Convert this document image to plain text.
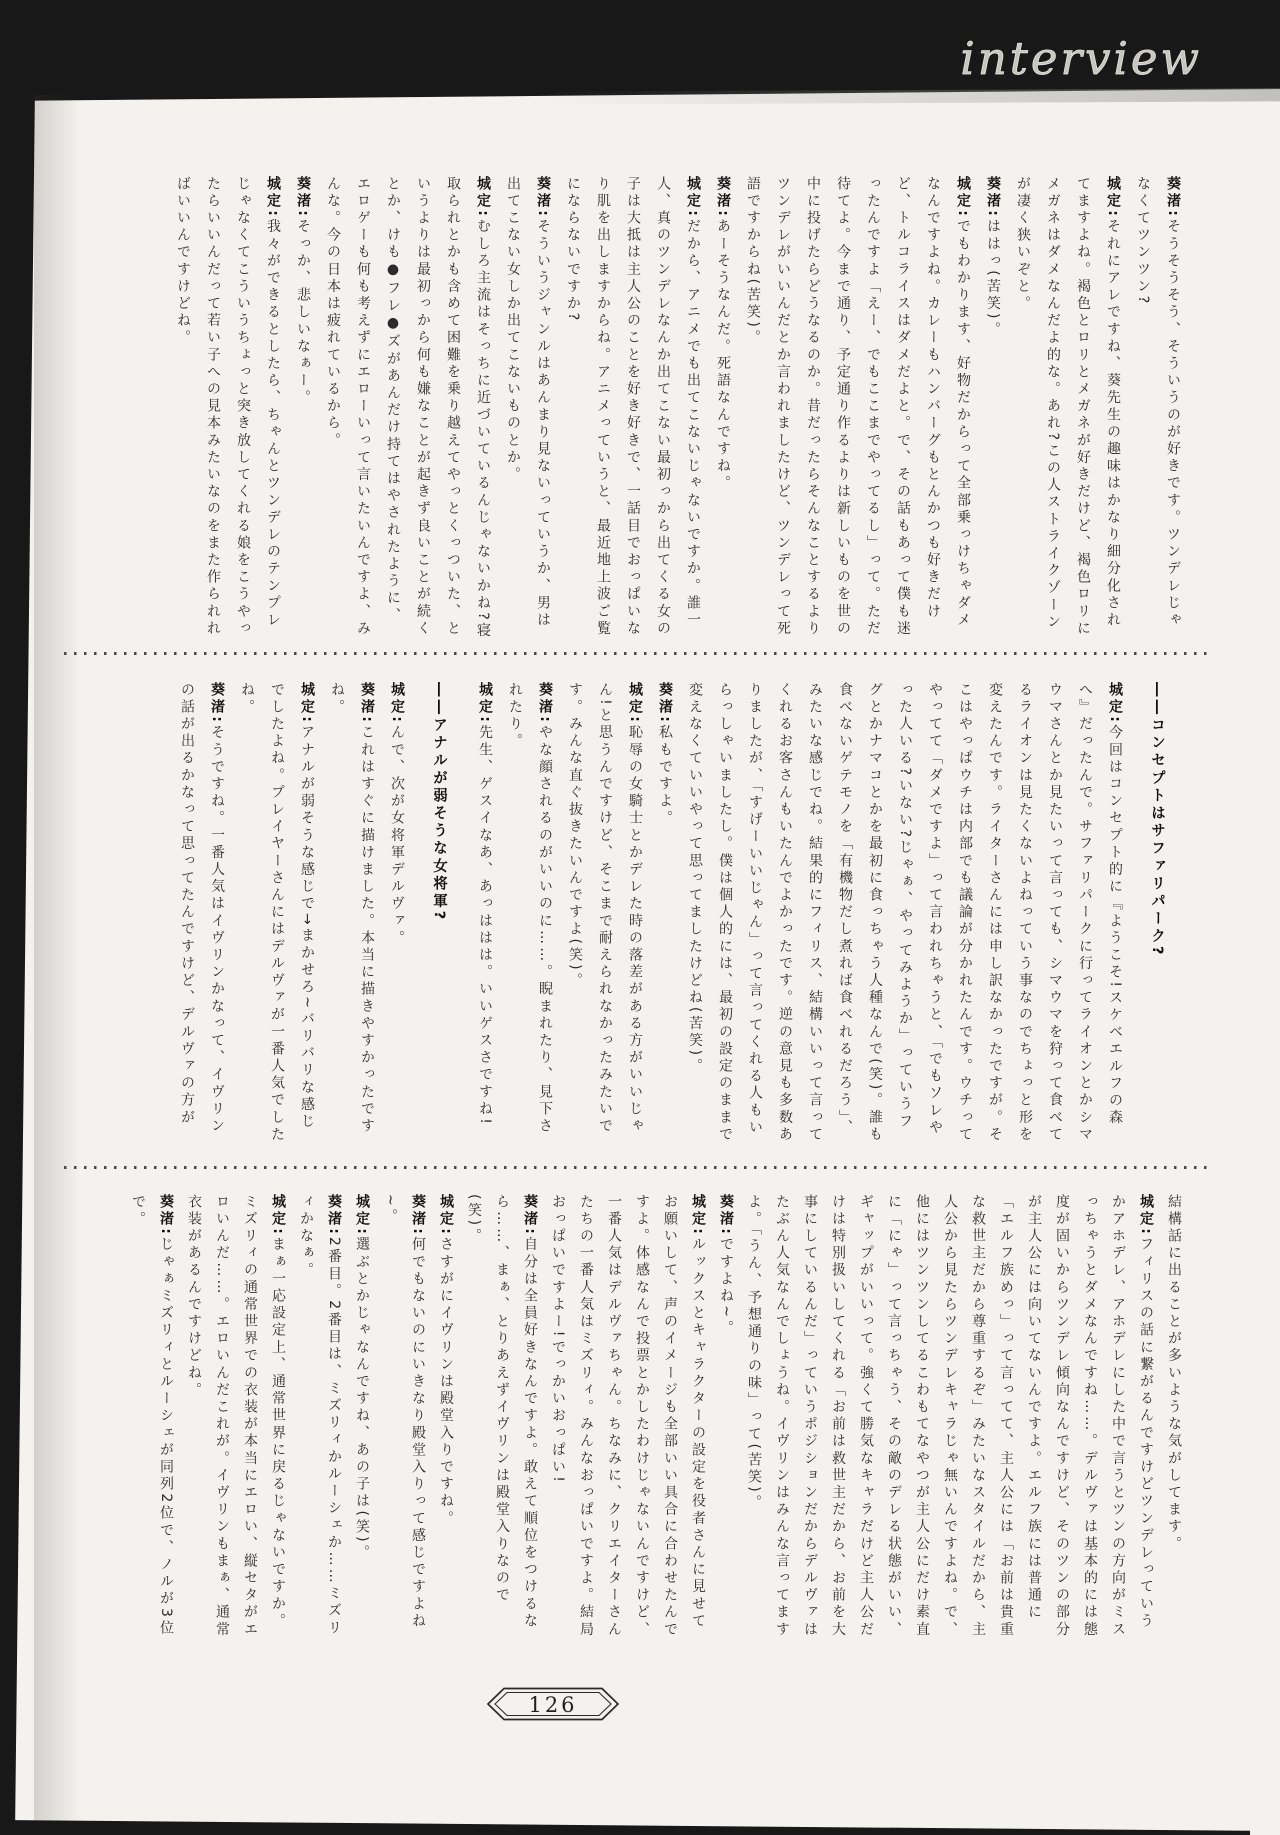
interview

葵渚:そうそうそう、そういうのが好きです。ツンデレじゃなくてツンツン?

城定:それにアレですね、葵先生の趣味はかなり細分化されてますよね。褐色とロリとメガネが好きだけど、褐色ロリにメガネはダメなんだよ的な。あれ?この人ストライクゾーンが凄く狭いぞと。

葵渚:ははっ(苦笑)。

城定:でもわかります、好物だからって全部乗っけちゃダメなんですよね。カレーもハンバーグもとんかつも好きだけど、トルコライスはダメだよと。で、その話もあって僕も迷ったんですよ「えー、でもここまでやってるし」って。ただ待てよ。今まで通り、予定通り作るよりは新しいものを世の中に投げたらどうなるのか。昔だったらそんなことするよりツンデレがいいんだとか言われましたけど、ツンデレって死語ですからね(苦笑)。

葵渚:あーそうなんだ。死語なんですね。

城定:だから、アニメでも出てこないじゃないですか。誰一人、真のツンデレなんか出てこない最初っから出てくる女の子は大抵は主人公のことを好き好きで、一話目でおっぱいなり肌を出しますからね。アニメっていうと、最近地上波ご覧にならないですか?

葵渚:そういうジャンルはあんまり見ないっていうか、男は出てこない女しか出てこないものとか。

城定:むしろ主流はそっちに近づいているんじゃないかね?寝取られとかも含めて困難を乗り越えてやっとくっついた、というよりは最初っから何も嫌なことが起きず良いことが続くとか、けも●フレ●ズがあんだけ持てはやされたように、エロゲーも何も考えずにエローいって言いたいんですよ、みんな。今の日本は疲れているから。

葵渚:そっか、悲しいなぁー。

城定:我々ができるとしたら、ちゃんとツンデレのテンプレじゃなくてこういうちょっと突き放してくれる娘をこうやったらいいんだって若い子への見本みたいなのをまた作られればいいんですけどね。

――コンセプトはサファリパーク?

城定:今回はコンセプト的に『ようこそ!スケベエルフの森へ』だったんで。サファリパークに行ってライオンとかシマウマさんとか見たいって言っても、シマウマを狩って食べてるライオンは見たくないよねっていう事なのでちょっと形を変えたんです。ライターさんには申し訳なかったですが。そこはやっぱウチは内部でも議論が分かれたんです。ウチってやってて「ダメですよ」って言われちゃうと、「でもソレやった人いる?いない?じゃぁ、やってみようか」っていうフグとかナマコとかを最初に食っちゃう人種なんで(笑)。誰も食べないゲテモノを「有機物だし煮れば食べれるだろう」、みたいな感じでね。結果的にフィリス、結構いいって言ってくれるお客さんもいたんでよかったです。逆の意見も多数ありましたが、「すげーいいじゃん」って言ってくれる人もいらっしゃいましたし。僕は個人的には、最初の設定のままで変えなくていいやって思ってましたけどね(苦笑)。

葵渚:私もですよ。

城定:恥辱の女騎士とかデレた時の落差がある方がいいじゃん!と思うんですけど、そこまで耐えられなかったみたいです。みんな直ぐ抜きたいんですよ(笑)。

葵渚:やな顔されるのがいいのに……。睨まれたり、見下されたり。

城定:先生、ゲスイなあ、あっははは。いいゲスさですね!

――アナルが弱そうな女将軍?

城定:んで、次が女将軍デルヴァ。

葵渚:これはすぐに描けました。本当に描きやすかったですね。

城定:アナルが弱そうな感じで→まかせろ~バリバリな感じでしたよね。プレイヤーさんにはデルヴァが一番人気でしたね。

葵渚:そうですね。一番人気はイヴリンかなって、イヴリンの話が出るかなって思ってたんですけど、デルヴァの方が

結構話に出ることが多いような気がしてます。

城定:フィリスの話に繋がるんですけどツンデレっていうかアホデレ、アホデレにした中で言うとツンの方向がミスっちゃうとダメなんですね……。デルヴァは基本的には態度が固いからツンデレ傾向なんですけど、そのツンの部分が主人公には向いてないんですよ。エルフ族には普通に「エルフ族めっ」って言ってて、主人公には「お前は貴重な救世主だから尊重するぞ」みたいなスタイルだから、主人公から見たらツンデレキャラじゃ無いんですよね。で、他にはツンツンしてるこわもてなやつが主人公にだけ素直に「にゃ」って言っちゃう、その敵のデレる状態がいい、ギャップがいいって。強くて勝気なキャラだけど主人公だけは特別扱いしてくれる「お前は救世主だから、お前を大事にしているんだ」っていうポジションだからデルヴァはたぶん人気なんでしょうね。イヴリンはみんな言ってますよ。「うん、予想通りの味」って(苦笑)。

葵渚:ですよね~。

城定:ルックスとキャラクターの設定を役者さんに見せてお願いして、声のイメージも全部いい具合に合わせたんですよ。体感なんで投票とかしたわけじゃないんですけど、一番人気はデルヴァちゃん。ちなみに、クリエイターさんたちの一番人気はミズリィ。みんなおっぱいですよ。結局おっぱいですよー!でっかいおっぱい!

葵渚:自分は全員好きなんですよ。敢えて順位をつけるなら……、まぁ、とりあえずイヴリンは殿堂入りなので(笑)。

城定:さすがにイヴリンは殿堂入りですね。

葵渚:何でもないのにいきなり殿堂入りって感じですよね~。

城定:選ぶとかじゃなんですね、あの子は(笑)。

葵渚:2番目。2番目は、ミズリィかルーシェか……ミズリィかなぁ。

城定:まぁ一応設定上、通常世界に戻るじゃないですか。ミズリィの通常世界での衣装が本当にエロい、縦セタがエロいんだ……。エロいんだこれが。イヴリンもまぁ、通常衣装があるんですけどね。

葵渚:じゃぁミズリィとルーシェが同列2位で、ノルが3位で。

126
